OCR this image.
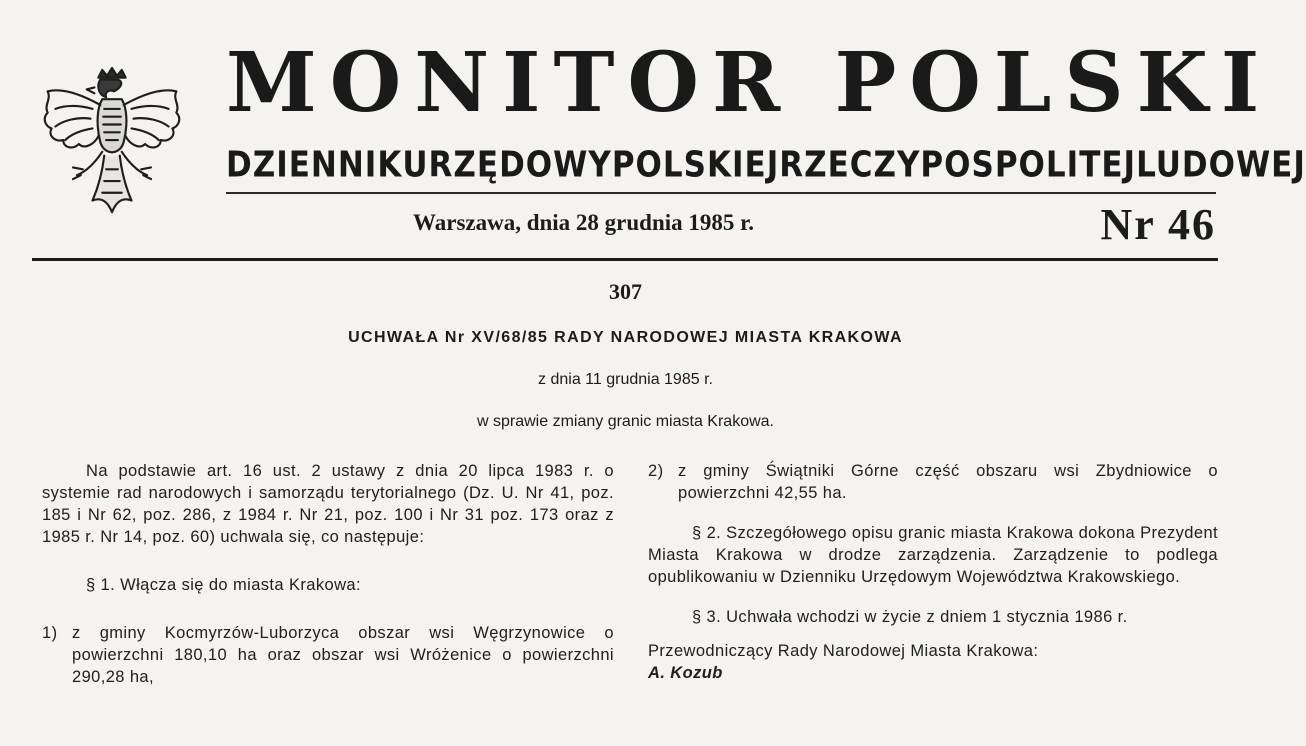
MONITOR POLSKI
DZIENNIK URZĘDOWY POLSKIEJ RZECZYPOSPOLITEJ LUDOWEJ
Warszawa, dnia 28 grudnia 1985 r.	Nr 46
307
UCHWAŁA Nr XV/68/85 RADY NARODOWEJ MIASTA KRAKOWA
z dnia 11 grudnia 1985 r.
w sprawie zmiany granic miasta Krakowa.

Na podstawie art. 16 ust. 2 ustawy z dnia 20 lipca 1983 r. o systemie rad narodowych i samorządu terytorialnego (Dz. U. Nr 41, poz. 185 i Nr 62, poz. 286, z 1984 r. Nr 21, poz. 100 i Nr 31 poz. 173 oraz z 1985 r. Nr 14, poz. 60) uchwala się, co następuje:

§ 1. Włącza się do miasta Krakowa:

1) z gminy Kocmyrzów-Luborzyca obszar wsi Węgrzynowice o powierzchni 180,10 ha oraz obszar wsi Wróżenice o powierzchni 290,28 ha,
2) z gminy Świątniki Górne część obszaru wsi Zbydniowice o powierzchni 42,55 ha.

§ 2. Szczegółowego opisu granic miasta Krakowa dokona Prezydent Miasta Krakowa w drodze zarządzenia. Zarządzenie to podlega opublikowaniu w Dzienniku Urzędowym Województwa Krakowskiego.

§ 3. Uchwała wchodzi w życie z dniem 1 stycznia 1986 r.

Przewodniczący Rady Narodowej Miasta Krakowa:

A. Kozub
